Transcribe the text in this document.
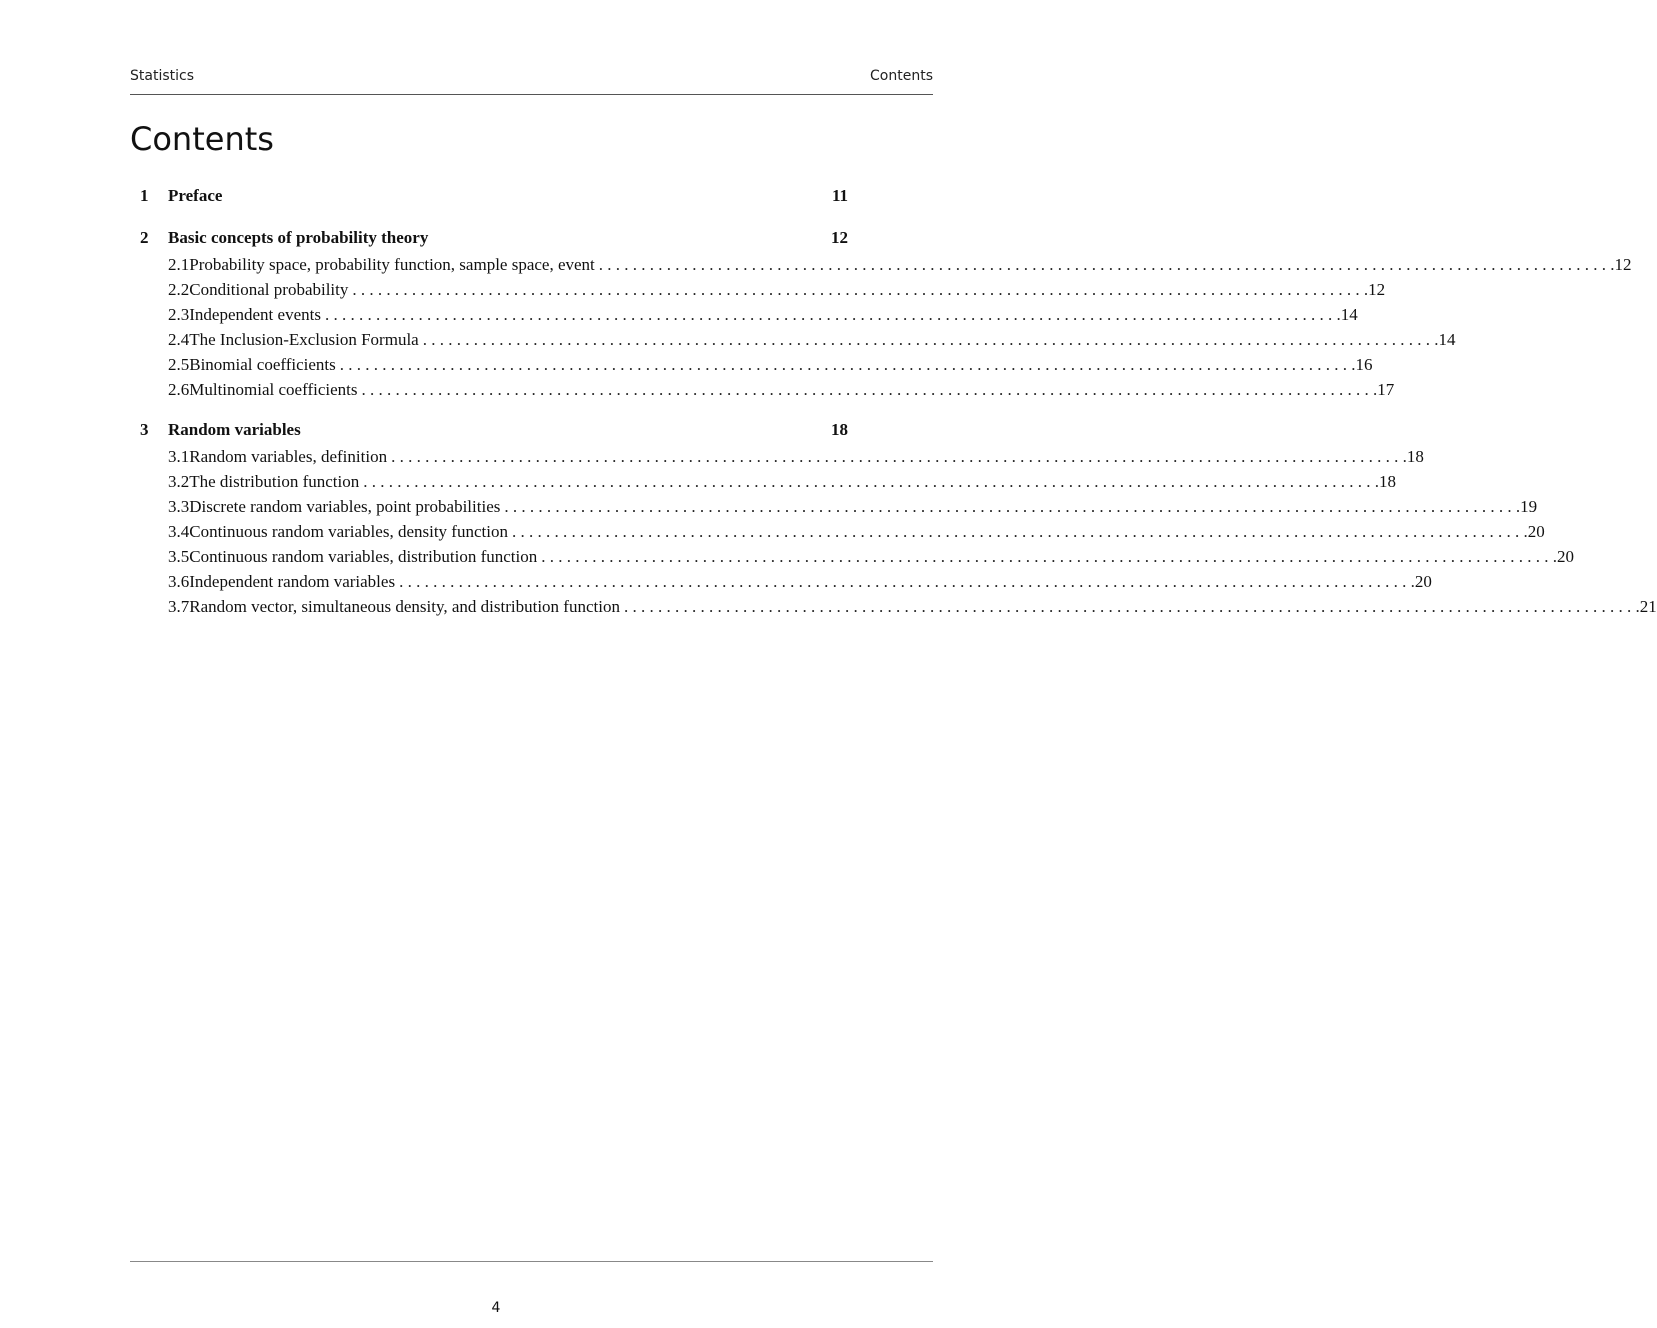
Statistics	Contents
Contents
1	Preface	11
2	Basic concepts of probability theory	12
2.1 Probability space, probability function, sample space, event . . . . . . . . . . . . . . . . . . . . . . . . . . . . . . . . . . . . . . . . . . . . . . . . . . . . . . . . . . . . . . . . . . . . . . . . . . . . . . . . . . . . . . . . . . . . . . . . . . . . . . . . . . . . . . . . . . . . . . . . 12
2.2 Conditional probability . . . . . . . . . . . . . . . . . . . . . . . . . . . . . . . . . . . . . . . . . . . . . . . . . . . . . . . . . . . . . . . . . . . . . . . . . . . . . . . . . . . . . . . . . . . . . . . . . . . . . . . . . . . . . . . . . . . . . . . . 12
2.3 Independent events . . . . . . . . . . . . . . . . . . . . . . . . . . . . . . . . . . . . . . . . . . . . . . . . . . . . . . . . . . . . . . . . . . . . . . . . . . . . . . . . . . . . . . . . . . . . . . . . . . . . . . . . . . . . . . . . . . . . . . . . 14
2.4 The Inclusion-Exclusion Formula . . . . . . . . . . . . . . . . . . . . . . . . . . . . . . . . . . . . . . . . . . . . . . . . . . . . . . . . . . . . . . . . . . . . . . . . . . . . . . . . . . . . . . . . . . . . . . . . . . . . . . . . . . . . . . . . . . . . . . . . 14
2.5 Binomial coefficients . . . . . . . . . . . . . . . . . . . . . . . . . . . . . . . . . . . . . . . . . . . . . . . . . . . . . . . . . . . . . . . . . . . . . . . . . . . . . . . . . . . . . . . . . . . . . . . . . . . . . . . . . . . . . . . . . . . . . . . . 16
2.6 Multinomial coefficients . . . . . . . . . . . . . . . . . . . . . . . . . . . . . . . . . . . . . . . . . . . . . . . . . . . . . . . . . . . . . . . . . . . . . . . . . . . . . . . . . . . . . . . . . . . . . . . . . . . . . . . . . . . . . . . . . . . . . . . . 17
3	Random variables	18
3.1 Random variables, definition . . . . . . . . . . . . . . . . . . . . . . . . . . . . . . . . . . . . . . . . . . . . . . . . . . . . . . . . . . . . . . . . . . . . . . . . . . . . . . . . . . . . . . . . . . . . . . . . . . . . . . . . . . . . . . . . . . . . . . . . 18
3.2 The distribution function . . . . . . . . . . . . . . . . . . . . . . . . . . . . . . . . . . . . . . . . . . . . . . . . . . . . . . . . . . . . . . . . . . . . . . . . . . . . . . . . . . . . . . . . . . . . . . . . . . . . . . . . . . . . . . . . . . . . . . . . 18
3.3 Discrete random variables, point probabilities . . . . . . . . . . . . . . . . . . . . . . . . . . . . . . . . . . . . . . . . . . . . . . . . . . . . . . . . . . . . . . . . . . . . . . . . . . . . . . . . . . . . . . . . . . . . . . . . . . . . . . . . . . . . . . . . . . . . . . . . 19
3.4 Continuous random variables, density function . . . . . . . . . . . . . . . . . . . . . . . . . . . . . . . . . . . . . . . . . . . . . . . . . . . . . . . . . . . . . . . . . . . . . . . . . . . . . . . . . . . . . . . . . . . . . . . . . . . . . . . . . . . . . . . . . . . . . . . . 20
3.5 Continuous random variables, distribution function . . . . . . . . . . . . . . . . . . . . . . . . . . . . . . . . . . . . . . . . . . . . . . . . . . . . . . . . . . . . . . . . . . . . . . . . . . . . . . . . . . . . . . . . . . . . . . . . . . . . . . . . . . . . . . . . . . . . . . . . 20
3.6 Independent random variables . . . . . . . . . . . . . . . . . . . . . . . . . . . . . . . . . . . . . . . . . . . . . . . . . . . . . . . . . . . . . . . . . . . . . . . . . . . . . . . . . . . . . . . . . . . . . . . . . . . . . . . . . . . . . . . . . . . . . . . . 20
3.7 Random vector, simultaneous density, and distribution function . . . . . . . . . . . . . . . . . . . . . . . . . . . . . . . . . . . . . . . . . . . . . . . . . . . . . . . . . . . . . . . . . . . . . . . . . . . . . . . . . . . . . . . . . . . . . . . . . . . . . . . . . . . . . . . . . . . . . . . . 21
4
